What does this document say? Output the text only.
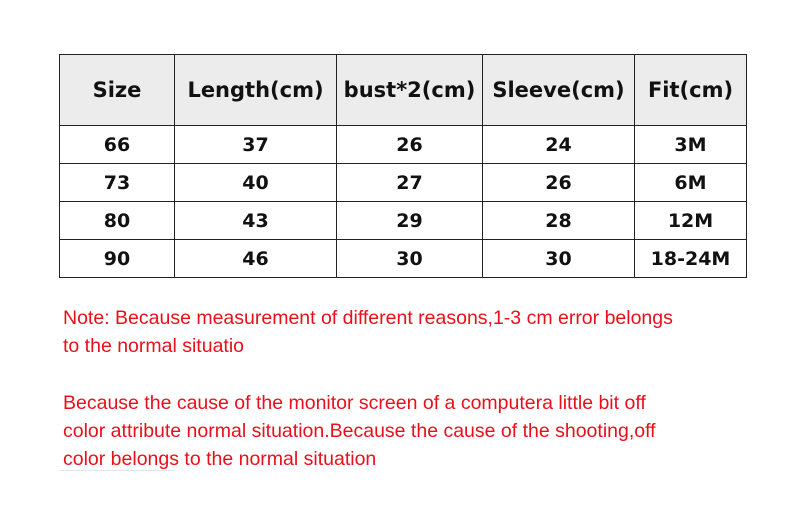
Size	Length(cm)	bust*2(cm)	Sleeve(cm)	Fit(cm)
66	37	26	24	3M
73	40	27	26	6M
80	43	29	28	12M
90	46	30	30	18-24M

Note: Because measurement of different reasons,1-3 cm error belongs
to the normal situatio

Because the cause of the monitor screen of a computera little bit off
color attribute normal situation.Because the cause of the shooting,off
color belongs to the normal situation
